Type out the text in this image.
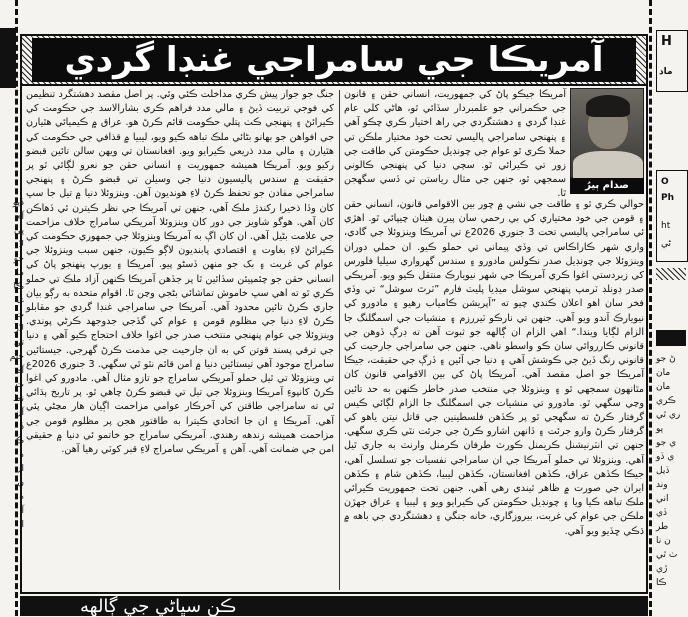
ڏيو
آم
پي
لا
جو
ما
ڪا
غا
ت
لار
تي
جنم
آه
ت
نظ
آن
ڏ
ڪ
ه
ان
ن
ه
آ
ا
آمريڪا جي سامراجي غنڊا گردي
صدام ٻيرُ

آمريڪا جيڪو پاڻ کي جمهوريت، انساني حقن ۽ قانون جي حڪمراني جو علمبردار سڏائي ٿو، هاڻي کلي عام غنڊا گردي ۽ دهشتگردي جي راھ اختيار ڪري چڪو آهي ۽ پنهنجي سامراجي پاليسي تحت خود مختيار ملڪن تي حملا ڪري ٿو عوام جي چونڊيل حڪومتن کي طاقت جي زور تي ڪيرائي ٿو. سڄي دنيا کي پنهنجي ڪالوني سمجهي ٿو، جنهن جي مثال رياستن تي ڏسي سگهجن ٿا.

حوالي ڪري ٿو ۽ طاقت جي نشي ۾ چور بين الاقوامي قانون، انساني حقن ۽ قومن جي خود مختياري کي بي رحمي سان پيرن هيٺان چيپائي ٿو. اهڙي ئي سامراجي پاليسي تحت 3 جنوري 2026ع تي آمريڪا وينزوئلا جي گادي، واري شهر ڪاراڪاس تي وڏي پيماني تي حملو ڪيو. ان حملي دوران وينزوئلا جي چونڊيل صدر نڪولس مادورو ۽ سندس گهرواري سيليا فلورس کي زبردستي اغوا ڪري آمريڪا جي شهر نيويارڪ منتقل ڪيو ويو. آمريڪي صدر ڊونلڊ ٽرمپ پنهنجي سوشل ميڊيا پليٽ فارم ”ٽرٿ سوشل“ تي وڏي فخر سان اهو اعلان ڪندي چيو ته ”آپريشن ڪامياب رهيو ۽ مادورو کي نيويارڪ آندو ويو آهي. جنهن تي نارڪو ٽيررزم ۽ منشيات جي اسمگلنگ جا الزام لڳايا ويندا.“ اهي الزام ان ڳالهه جو ثبوت آهن ته ڊرڳ ڏوهن جي قانوني ڪارروائي سان ڪو واسطو ناهي. جنهن جي سامراجي جارحيت کي قانوني رنگ ڏيڻ جي ڪوشش آهي ۽ دنيا جي آئين ۽ ڏرڳ جي حقيقت، جيڪا آمريڪا جو اصل مقصد آهي. آمريڪا پاڻ کي بين الاقوامي قانون کان مٿانهون سمجهي ٿو ۽ وينزوئلا جي منتخب صدر خاطر ڪنهن به حد تائين وڃي سگهي ٿو. مادورو تي منشيات جي اسمگلنگ جا الزام لڳائي ڪيس گرفتار ڪرڻ ته سگهجي ٿو پر ڪڏهن فلسطينين جي قاتل نيتن ياهو کي گرفتار ڪرڻ وارو جرئت ۽ ڏانهن اشارو ڪرڻ جي جرئت نٿي ڪري سگهي. جنهن تي انٽرنيشنل ڪريمنل ڪورٽ طرفان ڪرمنل وارنٽ به جاري ٿيل آهي. وينزوئلا تي حملو آمريڪا جي ان سامراجي نفسيات جو تسلسل آهي، جيڪا ڪڏهن عراق، ڪڏهن افغانستان، ڪڏهن ليبيا، ڪڏهن شام ۽ ڪڏهن ايران جي صورت ۾ ظاهر ٿيندي رهي آهي. جنهن تحت جمهوريت ڪيرائي ملڪ تباهه ڪيا ويا ۽ چونڊيل حڪومتن کي ڪيرايو ويو ۽ ليبيا ۽ عراق جهڙن ملڪن جي عوام کي غربت، بيروزگاري، خانه جنگي ۽ دهشتگردي جي باهه ۾ ڌڪي ڇڏيو ويو آهي.

جنگ جو جواز پيش ڪري مداخلت ڪئي وئي. پر اصل مقصد دهشتگرد تنظيمن کي فوجي تربيت ڏيڻ ۽ مالي مدد فراهم ڪري بشارالاسد جي حڪومت کي ڪيرائڻ ۽ پنهنجي ڪٺ پتلي حڪومت قائم ڪرڻ هو. عراق ۾ ڪيميائي هٿيارن جي افواهن جو بهانو بڻائي ملڪ تباهه ڪيو ويو، ليبيا ۾ قذافي جي حڪومت کي هٿيارن ۽ مالي مدد ذريعي ڪيرايو ويو. افغانستان تي ويهن سالن تائين قبضو رکيو ويو. آمريڪا هميشه جمهوريت ۽ انساني حقن جو نعرو لڳائي ٿو پر حقيقت ۾ سندس پاليسيون دنيا جي وسيلن تي قبضو ڪرڻ ۽ پنهنجي سامراجي مفادن جو تحفظ ڪرڻ لاءِ هونديون آهن. وينزوئلا دنيا ۾ تيل جا سڀ کان وڏا ذخيرا رکندڙ ملڪ آهي، جنهن تي آمريڪا جي نظر ڪيترن ئي ڏهاڪن کان آهي. هوگو شاويز جي دور کان وينزوئلا آمريڪي سامراج خلاف مزاحمت جي علامت بڻيل آهي. ان کان اڳ به آمريڪا وينزوئلا جي جمهوري حڪومت کي ڪيرائڻ لاءِ بغاوت ۽ اقتصادي پابنديون لاڳو ڪيون، جنهن سبب وينزوئلا جي عوام کي غربت ۽ بک جو منهن ڏسڻو پيو. آمريڪا ۽ يورپ پنهنجو پاڻ کي انساني حقن جو چئمپيئن سڏائين ٿا پر جڏهن آمريڪا ڪنهن آزاد ملڪ تي حملو ڪري ٿو ته اهي سڀ خاموش تماشائي بڻجي وڃن ٿا. اقوام متحده به رڳو بيان جاري ڪرڻ تائين محدود آهي. آمريڪا جي سامراجي غنڊا گردي جو مقابلو ڪرڻ لاءِ دنيا جي مظلوم قومن ۽ عوام کي گڏجي جدوجهد ڪرڻي پوندي. وينزوئلا جي عوام پنهنجي منتخب صدر جي اغوا خلاف احتجاج ڪيو آهي ۽ دنيا جي ترقي پسند قوتن کي به ان جارحيت جي مذمت ڪرڻ گهرجي. جيستائين سامراج موجود آهي تيستائين دنيا ۾ امن قائم نٿو ٿي سگهي. 3 جنوري 2026ع تي وينزوئلا تي ٿيل حملو آمريڪي سامراج جو تازو مثال آهي. مادورو کي اغوا ڪرڻ کانپوءِ آمريڪا وينزوئلا جي تيل تي قبضو ڪرڻ چاهي ٿو. پر تاريخ ٻڌائي ٿي ته سامراجي طاقتن کي آخرڪار عوامي مزاحمت اڳيان هار مڃڻي پئي آهي. آمريڪا ۽ ان جا اتحادي ڪيترا به طاقتور هجن پر مظلوم قومن جي مزاحمت هميشه زندهه رهندي. آمريڪي سامراج جو خاتمو ئي دنيا ۾ حقيقي امن جي ضمانت آهي. آهن ۽ آمريڪي سامراج لاءِ قبر کوٽي رهيا آهن.

H
ماد
O
Ph
ht
ڻي
ڻ جو
مان
مان
ڪري
ري ٿي
پو
ي جو
ي ڏو
ڏيل
وند
اني
ڏي
طر
ن نا
ٺ ٿي
ڙي
ڪا
ڪن سڀاڻي جي ڳالهه
